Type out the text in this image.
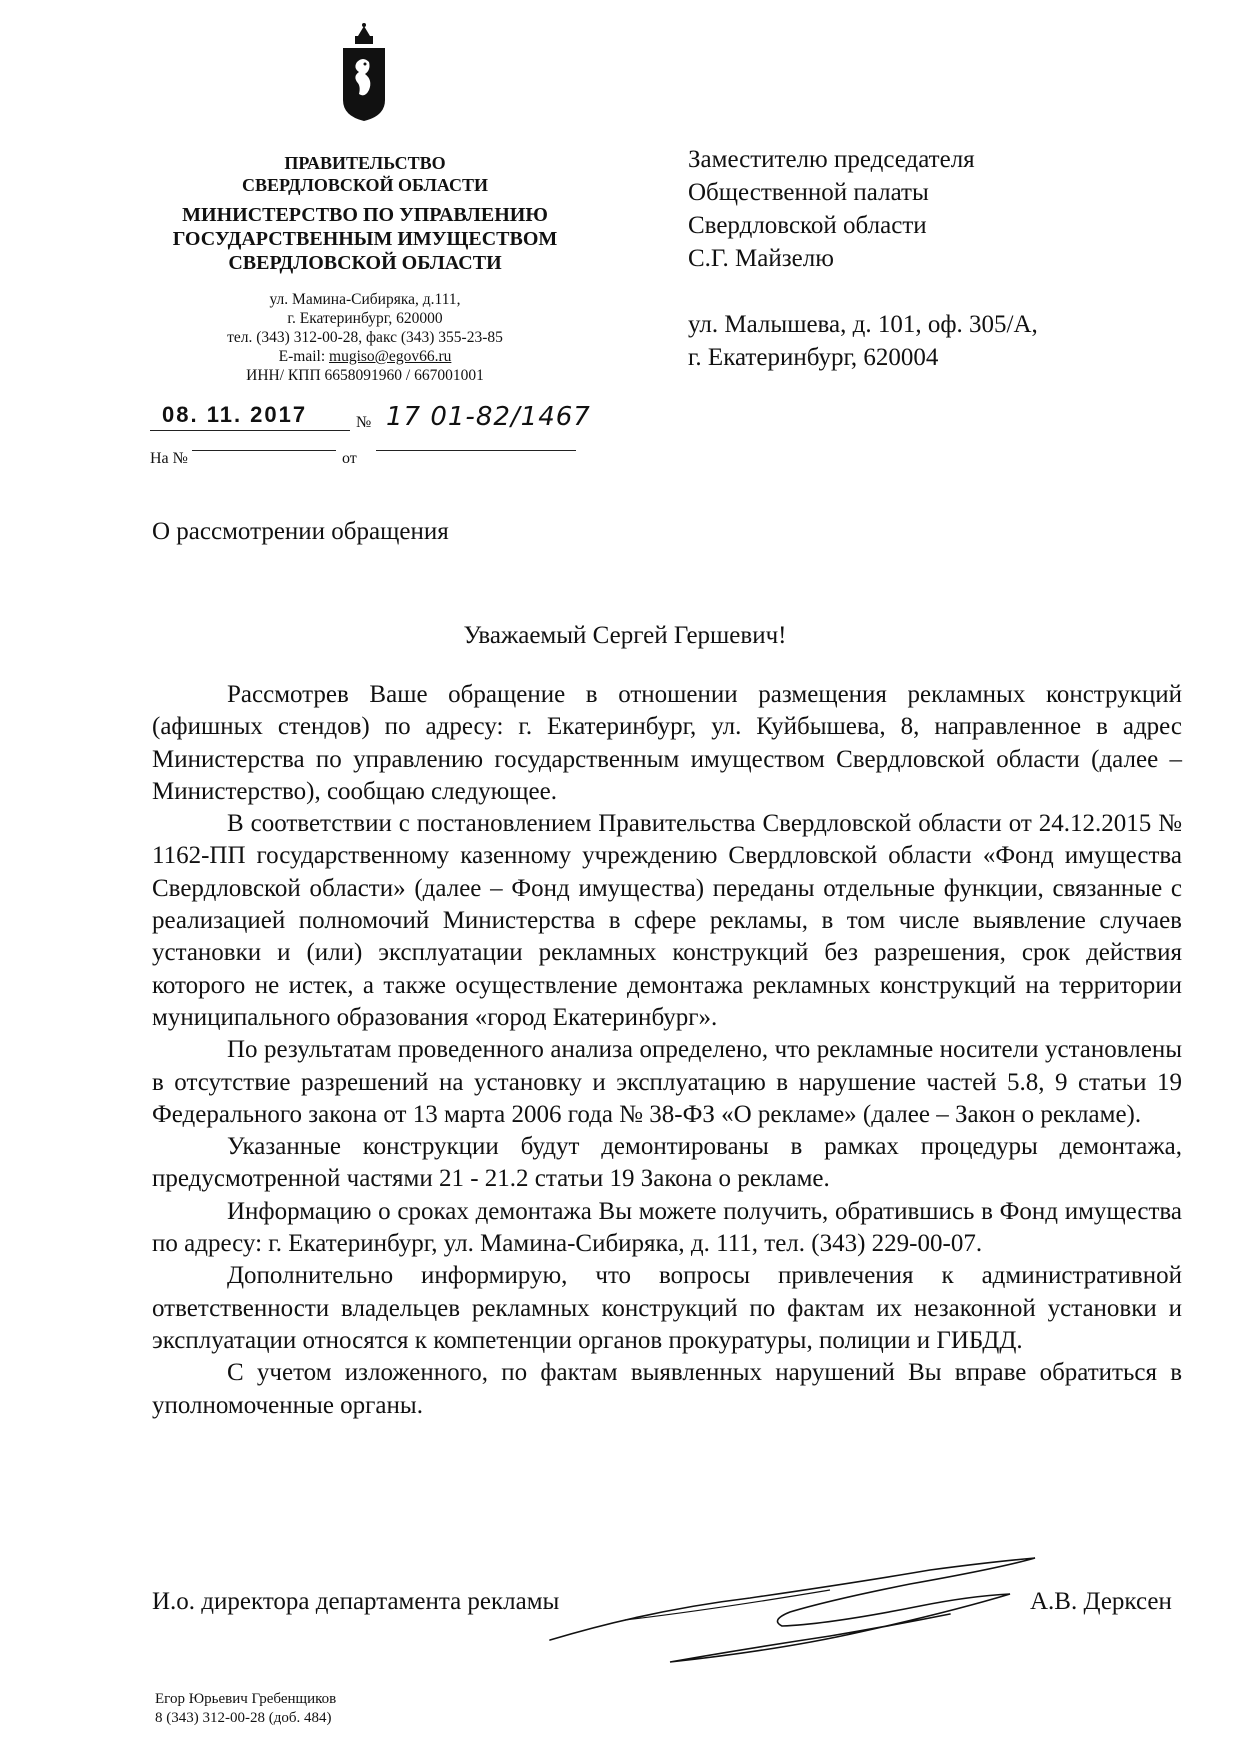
ПРАВИТЕЛЬСТВО
СВЕРДЛОВСКОЙ ОБЛАСТИ
МИНИСТЕРСТВО ПО УПРАВЛЕНИЮ
ГОСУДАРСТВЕННЫМ ИМУЩЕСТВОМ
СВЕРДЛОВСКОЙ ОБЛАСТИ
ул. Мамина-Сибиряка, д.111,
г. Екатеринбург, 620000
тел. (343) 312-00-28, факс (343) 355-23-85
E-mail: mugiso@egov66.ru
ИНН/ КПП 6658091960 / 667001001
08. 11. 2017	№ 17 01-82/1467
На №	от
Заместителю председателя
Общественной палаты
Свердловской области
С.Г. Майзелю
ул. Малышева, д. 101, оф. 305/А,
г. Екатеринбург, 620004
О рассмотрении обращения
Уважаемый Сергей Гершевич!

Рассмотрев Ваше обращение в отношении размещения рекламных конструкций (афишных стендов) по адресу: г. Екатеринбург, ул. Куйбышева, 8, направленное в адрес Министерства по управлению государственным имуществом Свердловской области (далее – Министерство), сообщаю следующее.

В соответствии с постановлением Правительства Свердловской области от 24.12.2015 № 1162-ПП государственному казенному учреждению Свердловской области «Фонд имущества Свердловской области» (далее – Фонд имущества) переданы отдельные функции, связанные с реализацией полномочий Министерства в сфере рекламы, в том числе выявление случаев установки и (или) эксплуатации рекламных конструкций без разрешения, срок действия которого не истек, а также осуществление демонтажа рекламных конструкций на территории муниципального образования «город Екатеринбург».

По результатам проведенного анализа определено, что рекламные носители установлены в отсутствие разрешений на установку и эксплуатацию в нарушение частей 5.8, 9 статьи 19 Федерального закона от 13 марта 2006 года № 38-ФЗ «О рекламе» (далее – Закон о рекламе).

Указанные конструкции будут демонтированы в рамках процедуры демонтажа, предусмотренной частями 21 - 21.2 статьи 19 Закона о рекламе.

Информацию о сроках демонтажа Вы можете получить, обратившись в Фонд имущества по адресу: г. Екатеринбург, ул. Мамина-Сибиряка, д. 111, тел. (343) 229-00-07.

Дополнительно информирую, что вопросы привлечения к административной ответственности владельцев рекламных конструкций по фактам их незаконной установки и эксплуатации относятся к компетенции органов прокуратуры, полиции и ГИБДД.

С учетом изложенного, по фактам выявленных нарушений Вы вправе обратиться в уполномоченные органы.

И.о. директора департамента рекламы	А.В. Дерксен
Егор Юрьевич Гребенщиков
8 (343) 312-00-28 (доб. 484)
